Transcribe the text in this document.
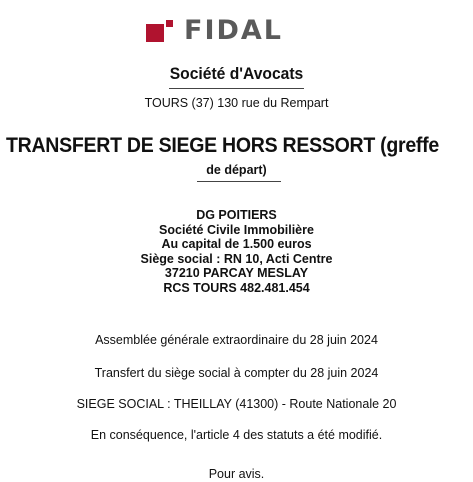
FIDAL
Société d'Avocats
TOURS (37) 130 rue du Rempart
TRANSFERT DE SIEGE HORS RESSORT (greffe
de départ)
DG POITIERS
Société Civile Immobilière
Au capital de 1.500 euros
Siège social : RN 10, Acti Centre
37210 PARCAY MESLAY
RCS TOURS 482.481.454
Assemblée générale extraordinaire du 28 juin 2024
Transfert du siège social à compter du 28 juin 2024
SIEGE SOCIAL : THEILLAY (41300) - Route Nationale 20
En conséquence, l'article 4 des statuts a été modifié.
Pour avis.
